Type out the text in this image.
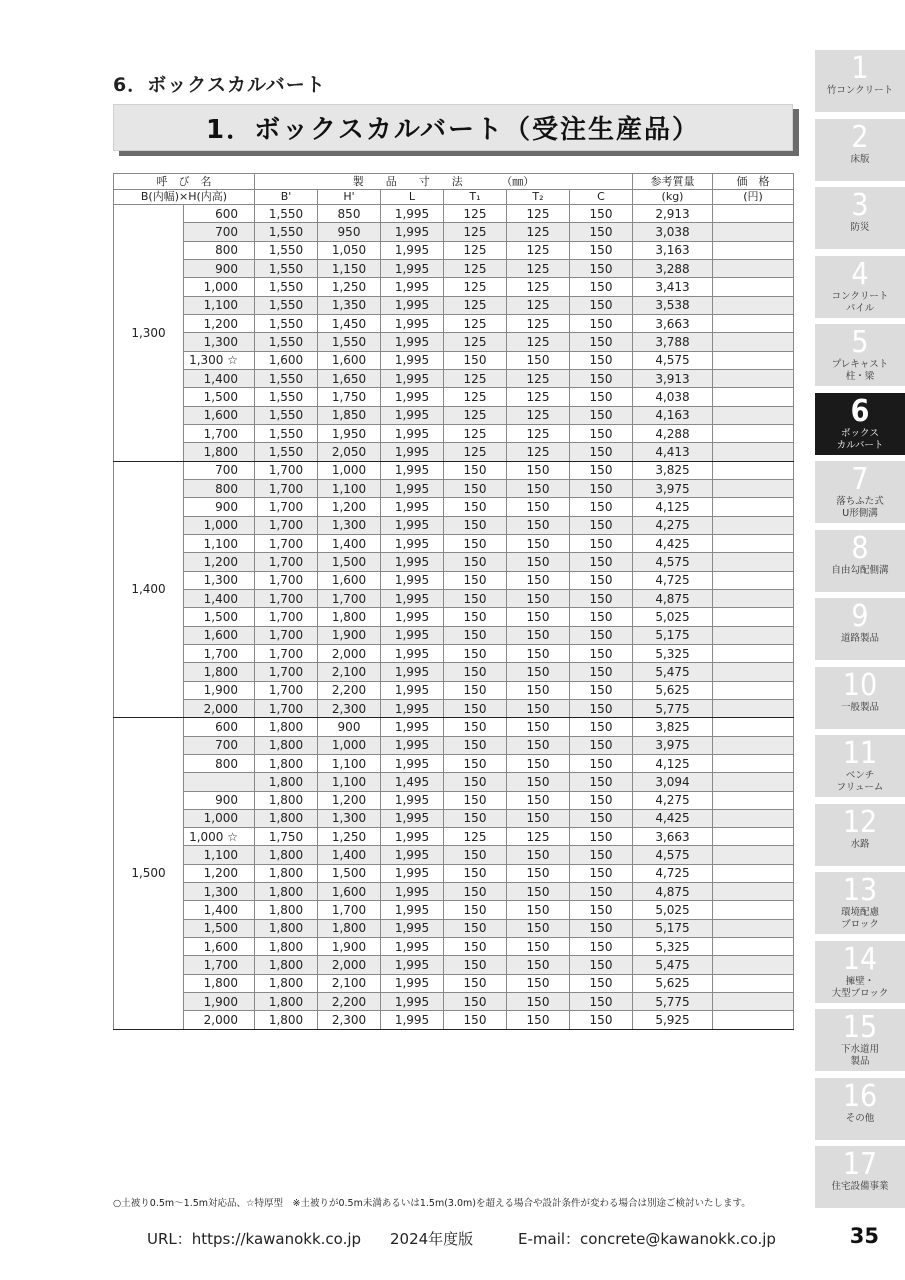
6．ボックスカルバート
1．ボックスカルバート（受注生産品）
呼　び　名		製　　品　　寸　　法　　　　（㎜）						参考質量	価　格
B(内幅)×H(内高)		B'	H'	L	T₁	T₂	C	(kg)	(円)
1,300	600	1,550	850	1,995	125	125	150	2,913	
	700	1,550	950	1,995	125	125	150	3,038	
	800	1,550	1,050	1,995	125	125	150	3,163	
	900	1,550	1,150	1,995	125	125	150	3,288	
	1,000	1,550	1,250	1,995	125	125	150	3,413	
	1,100	1,550	1,350	1,995	125	125	150	3,538	
	1,200	1,550	1,450	1,995	125	125	150	3,663	
	1,300	1,550	1,550	1,995	125	125	150	3,788	
	1,300 ☆	1,600	1,600	1,995	150	150	150	4,575	
	1,400	1,550	1,650	1,995	125	125	150	3,913	
	1,500	1,550	1,750	1,995	125	125	150	4,038	
	1,600	1,550	1,850	1,995	125	125	150	4,163	
	1,700	1,550	1,950	1,995	125	125	150	4,288	
	1,800	1,550	2,050	1,995	125	125	150	4,413	
1,400	700	1,700	1,000	1,995	150	150	150	3,825	
	800	1,700	1,100	1,995	150	150	150	3,975	
	900	1,700	1,200	1,995	150	150	150	4,125	
	1,000	1,700	1,300	1,995	150	150	150	4,275	
	1,100	1,700	1,400	1,995	150	150	150	4,425	
	1,200	1,700	1,500	1,995	150	150	150	4,575	
	1,300	1,700	1,600	1,995	150	150	150	4,725	
	1,400	1,700	1,700	1,995	150	150	150	4,875	
	1,500	1,700	1,800	1,995	150	150	150	5,025	
	1,600	1,700	1,900	1,995	150	150	150	5,175	
	1,700	1,700	2,000	1,995	150	150	150	5,325	
	1,800	1,700	2,100	1,995	150	150	150	5,475	
	1,900	1,700	2,200	1,995	150	150	150	5,625	
	2,000	1,700	2,300	1,995	150	150	150	5,775	
1,500	600	1,800	900	1,995	150	150	150	3,825	
	700	1,800	1,000	1,995	150	150	150	3,975	
	800	1,800	1,100	1,995	150	150	150	4,125	
		1,800	1,100	1,495	150	150	150	3,094	
	900	1,800	1,200	1,995	150	150	150	4,275	
	1,000	1,800	1,300	1,995	150	150	150	4,425	
	1,000 ☆	1,750	1,250	1,995	125	125	150	3,663	
	1,100	1,800	1,400	1,995	150	150	150	4,575	
	1,200	1,800	1,500	1,995	150	150	150	4,725	
	1,300	1,800	1,600	1,995	150	150	150	4,875	
	1,400	1,800	1,700	1,995	150	150	150	5,025	
	1,500	1,800	1,800	1,995	150	150	150	5,175	
	1,600	1,800	1,900	1,995	150	150	150	5,325	
	1,700	1,800	2,000	1,995	150	150	150	5,475	
	1,800	1,800	2,100	1,995	150	150	150	5,625	
	1,900	1,800	2,200	1,995	150	150	150	5,775	
	2,000	1,800	2,300	1,995	150	150	150	5,925	
1
竹コンクリート
2
床版
3
防災
4
コンクリート
パイル
5
プレキャスト
柱・梁
6
ボックス
カルバート
7
落ちふた式
U形側溝
8
自由勾配側溝
9
道路製品
10
一般製品
11
ベンチ
フリューム
12
水路
13
環境配慮
ブロック
14
擁壁・
大型ブロック
15
下水道用
製品
16
その他
17
住宅設備事業
○土被り0.5m〜1.5m対応品、☆特厚型　※土被りが0.5m未満あるいは1.5m(3.0m)を超える場合や設計条件が変わる場合は別途ご検討いたします。
URL：https://kawanokk.co.jp 2024年度版	E-mail：concrete@kawanokk.co.jp	35
